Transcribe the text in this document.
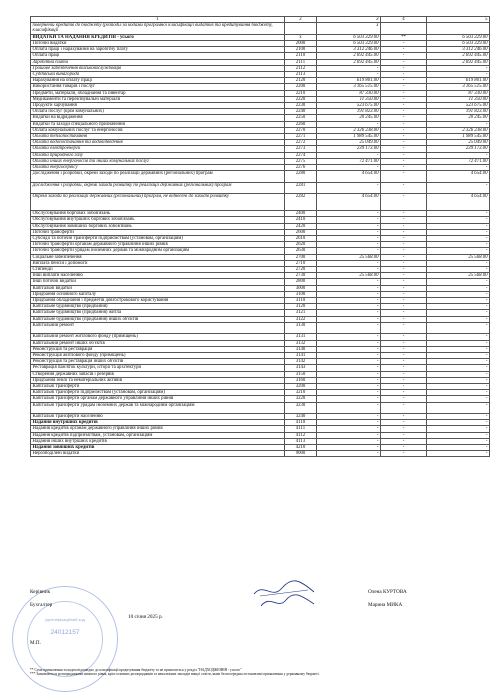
1	2	3	4	5
поверненій кредитів до бюджету (розподіл за кодами програмної класифікації видатків та кредитування бюджету, класифікації		х		
ВИДАТКИ ТА НАДАННЯ КРЕДИТІВ - усього	х	6 503 329.00	**	6 503 329.00
Поточні видатки	2000	6 503 329.00	-	6 503 329.00
Оплата праці і нарахування на заробітну плату	2100	3 312 246.00	-	3 312 246.00
Оплата праці	2110	2 692 445.00	-	2 692 445.00
Заробітна плата	2111	2 692 445.00	-	2 692 445.00
Грошове забезпечення військовослужбовців	2112	-	-	-
Суддівська винагорода	2113	-	-	-
Нарахування на оплату праці	2120	619 801.00	-	619 801.00
Використання товарів і послуг	2200	3 165 515.00	-	3 165 515.00
Предмети, матеріали, обладнання та інвентар	2210	87 330.00	-	87 330.00
Медикаменти та перев'язувальні матеріали	2220	11 350.00	-	11 350.00
Продукти харчування	2230	523 675.00	-	523 675.00
Оплата послуг (крім комунальних)	2240	191 823.00	-	191 823.00
Видатки на відрядження	2250	20 245.00	-	20 245.00
Видатки та заходи спеціального призначення	2260	-	-	-
Оплата комунальних послуг та енергоносіїв	2270	2 326 238.00	-	2 326 238.00
Оплата теплопостачання	2271	1 989 545.00	-	1 989 545.00
Оплата водопостачання та водовідведення	2272	25 049.00	-	25 049.00
Оплата електроенергії	2273	239 173.00	-	239 173.00
Оплата природного газу	2274	-	-	-
Оплата інших енергоносіїв та інших комунальних послуг	2275	72 471.00	-	72 471.00
Оплата енергосервісу	2276	-	-	-
Дослідження і розробки, окремі заходи по реалізації державних (регіональних) програм	2280	4 654.00	-	4 654.00
Дослідження і розробки, окремі заходи розвитку по реалізації державних (регіональних) програм	2281	-	-	-
Окремі заходи по реалізації державних (регіональних) програм, не віднесені до заходів розвитку	2282	4 654.00	-	4 654.00
Обслуговування боргових зобов'язань	2400	-	-	-
Обслуговування внутрішніх боргових зобов'язань	2410	-	-	-
Обслуговування зовнішніх боргових зобов'язань	2420	-	-	-
Поточні трансферти	2600	-	-	-
Субсидії та поточні трансферти підприємствам (установам, організаціям)	2610	-	-	-
Поточні трансферти органам державного управління інших рівнів	2620	-	-	-
Поточні трансферти урядам іноземних держав та міжнародним організаціям	2630	-	-	-
Соціальне забезпечення	2700	25 568.00	-	25 568.00
Виплата пенсій і допомоги	2710	-	-	-
Стипендії	2720	-	-	-
Інші виплати населенню	2730	25 568.00	-	25 568.00
Інші поточні видатки	2800	-	-	-
Капітальні видатки	3000	-	-	-
Придбання основного капіталу	3100	-	-	-
Придбання обладнання і предметів довгострокового користування	3110	-	-	-
Капітальне будівництво (придбання)	3120	-	-	-
Капітальне будівництво (придбання) житла	3121	-	-	-
Капітальне будівництво (придбання) інших об'єктів	3122	-	-	-
Капітальний ремонт	3130	-	-	-
Капітальний ремонт житлового фонду (приміщень)	3131	-	-	-
Капітальний ремонт інших об'єктів	3132	-	-	-
Реконструкція та реставрація	3140	-	-	-
Реконструкція житлового фонду (приміщень)	3141	-	-	-
Реконструкція та реставрація інших об'єктів	3142	-	-	-
Реставрація пам'яток культури, історії та архітектури	3143	-	-	-
Створення державних запасів і резервів	3150	-	-	-
Придбання землі та нематеріальних активів	3160	-	-	-
Капітальні трансферти	3200	-	-	-
Капітальні трансферти підприємствам (установам, організаціям)	3210	-	-	-
Капітальні трансферти органам державного управління інших рівнів	3220	-	-	-
Капітальні трансферти урядам іноземних держав та міжнародним організаціям	3230	-	-	-
Капітальні трансферти населенню	3240	-	-	-
Надання внутрішніх кредитів	4110	-	-	-
Надання кредитів органам державного управління інших рівнів	4111	-	-	-
Надання кредитів підприємствам, установам, організаціям	4112	-	-	-
Надання інших внутрішніх кредитів	4113	-	-	-
Надання зовнішніх кредитів	4210	-	-	-
Нерозподілені видатки	9000	-	-	-
Ідентифікаційний код
24012157
Керівник	Олена КУРТОВА
Бухгалтер	Марина МИКА
10 січня 2025 р.
М.П.
** Сума призначення за кодом відповідно до класифікації кредитування бюджету та не приноситься у розділ "НАДХОДЖЕННЯ - усього"
*** Зазначаються розпорядниками нижчого рівня, крім головних розпорядників та неналежних закладів вищої освіти, яким безпосередньо встановлені призначення у державному бюджеті.
